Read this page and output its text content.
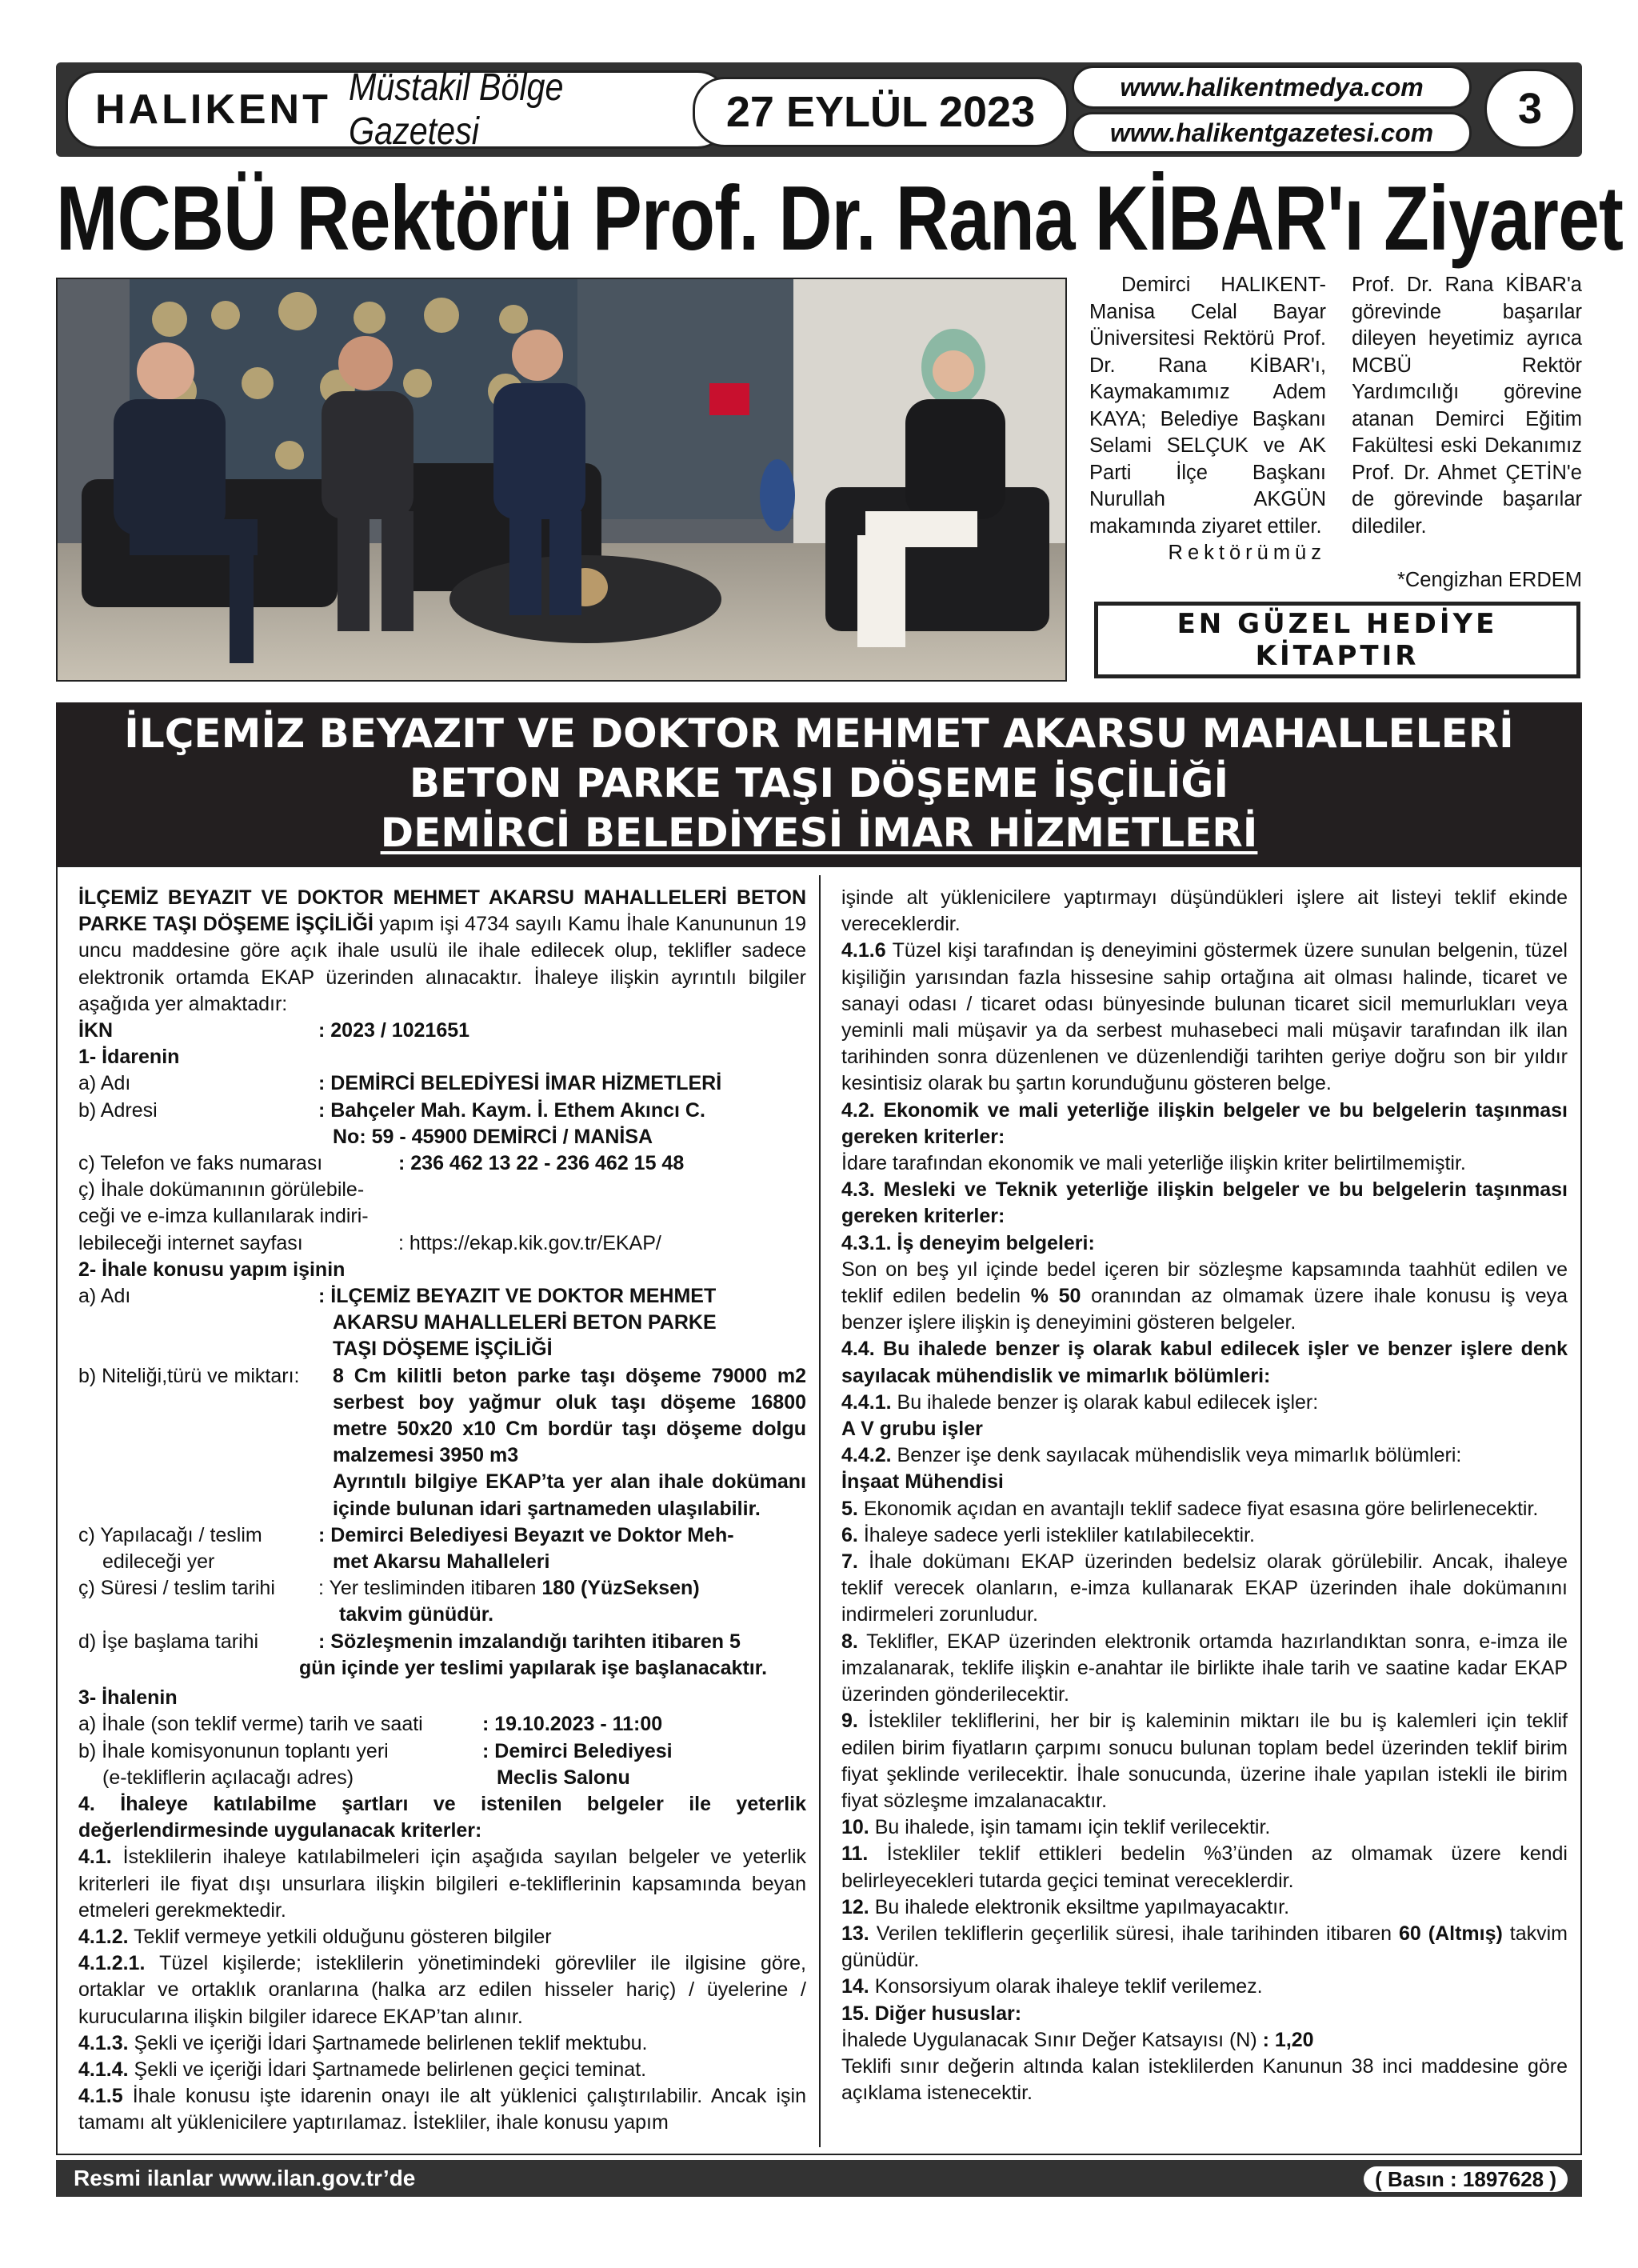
HALIKENT Müstakil Bölge Gazetesi	27 EYLÜL 2023
www.halikentmedya.com
www.halikentgazetesi.com	3
MCBÜ Rektörü Prof. Dr. Rana KİBAR'ı Ziyaret

Demirci HALIKENT- Manisa Celal Bayar Üniversitesi Rektörü Prof. Dr. Rana KİBAR'ı, Kaymakamımız Adem KAYA; Belediye Başkanı Selami SELÇUK ve AK Parti İlçe Başkanı Nurullah AKGÜN makamında ziyaret ettiler.

Rektörümüz

Prof. Dr. Rana KİBAR'a görevinde başarılar dileyen heyetimiz ayrıca MCBÜ Rektör Yardımcılığı görevine atanan Demirci Eğitim Fakültesi eski Dekanımız Prof. Dr. Ahmet ÇETİN'e de görevinde başarılar dilediler.

*Cengizhan ERDEM

EN GÜZEL HEDİYE
KİTAPTIR
İLÇEMİZ BEYAZIT VE DOKTOR MEHMET AKARSU MAHALLELERİ
BETON PARKE TAŞI DÖŞEME İŞÇİLİĞİ
DEMİRCİ BELEDİYESİ İMAR HİZMETLERİ

İLÇEMİZ BEYAZIT VE DOKTOR MEHMET AKARSU MAHALLELERİ BETON PARKE TAŞI DÖŞEME İŞÇİLİĞİ yapım işi 4734 sayılı Kamu İhale Kanununun 19 uncu maddesine göre açık ihale usulü ile ihale edilecek olup, teklifler sadece elektronik ortamda EKAP üzerinden alınacaktır. İhaleye ilişkin ayrıntılı bilgiler aşağıda yer almaktadır:

İKN	: 2023 / 1021651
1- İdarenin
a) Adı	: DEMİRCİ BELEDİYESİ İMAR HİZMETLERİ
b) Adresi	: Bahçeler Mah. Kaym. İ. Ethem Akıncı C.
No: 59 - 45900 DEMİRCİ / MANİSA
c) Telefon ve faks numarası	: 236 462 13 22 - 236 462 15 48
ç) İhale dokümanının görülebile-
ceği ve e-imza kullanılarak indiri-
lebileceği internet sayfası	: https://ekap.kik.gov.tr/EKAP/
2- İhale konusu yapım işinin
a) Adı	: İLÇEMİZ BEYAZIT VE DOKTOR MEHMET
AKARSU MAHALLELERİ BETON PARKE
TAŞI DÖŞEME İŞÇİLİĞİ
b) Niteliği,türü ve miktarı:	8 Cm kilitli beton parke taşı döşeme 79000 m2 serbest boy yağmur oluk taşı döşeme 16800 metre 50x20 x10 Cm bordür taşı döşeme dolgu malzemesi 3950 m3
Ayrıntılı bilgiye EKAP’ta yer alan ihale dokümanı içinde bulunan idari şartnameden ulaşılabilir.
c) Yapılacağı / teslim	: Demirci Belediyesi Beyazıt ve Doktor Meh-
edileceği yer	met Akarsu Mahalleleri
ç) Süresi / teslim tarihi	: Yer tesliminden itibaren 180 (YüzSeksen)
takvim günüdür.
d) İşe başlama tarihi	: Sözleşmenin imzalandığı tarihten itibaren 5
gün içinde yer teslimi yapılarak işe başlanacaktır.
3- İhalenin
a) İhale (son teklif verme) tarih ve saati	: 19.10.2023 - 11:00
b) İhale komisyonunun toplantı yeri	: Demirci Belediyesi
(e-tekliflerin açılacağı adres)	Meclis Salonu

4. İhaleye katılabilme şartları ve istenilen belgeler ile yeterlik değerlendirmesinde uygulanacak kriterler:

4.1. İsteklilerin ihaleye katılabilmeleri için aşağıda sayılan belgeler ve yeterlik kriterleri ile fiyat dışı unsurlara ilişkin bilgileri e-tekliflerinin kapsamında beyan etmeleri gerekmektedir.

4.1.2. Teklif vermeye yetkili olduğunu gösteren bilgiler

4.1.2.1. Tüzel kişilerde; isteklilerin yönetimindeki görevliler ile ilgisine göre, ortaklar ve ortaklık oranlarına (halka arz edilen hisseler hariç) / üyelerine / kurucularına ilişkin bilgiler idarece EKAP’tan alınır.

4.1.3. Şekli ve içeriği İdari Şartnamede belirlenen teklif mektubu.

4.1.4. Şekli ve içeriği İdari Şartnamede belirlenen geçici teminat.

4.1.5 İhale konusu işte idarenin onayı ile alt yüklenici çalıştırılabilir. Ancak işin tamamı alt yüklenicilere yaptırılamaz. İstekliler, ihale konusu yapım

işinde alt yüklenicilere yaptırmayı düşündükleri işlere ait listeyi teklif ekinde vereceklerdir.

4.1.6 Tüzel kişi tarafından iş deneyimini göstermek üzere sunulan belgenin, tüzel kişiliğin yarısından fazla hissesine sahip ortağına ait olması halinde, ticaret ve sanayi odası / ticaret odası bünyesinde bulunan ticaret sicil memurlukları veya yeminli mali müşavir ya da serbest muhasebeci mali müşavir tarafından ilk ilan tarihinden sonra düzenlenen ve düzenlendiği tarihten geriye doğru son bir yıldır kesintisiz olarak bu şartın korunduğunu gösteren belge.

4.2. Ekonomik ve mali yeterliğe ilişkin belgeler ve bu belgelerin taşınması gereken kriterler:

İdare tarafından ekonomik ve mali yeterliğe ilişkin kriter belirtilmemiştir.

4.3. Mesleki ve Teknik yeterliğe ilişkin belgeler ve bu belgelerin taşınması gereken kriterler:

4.3.1. İş deneyim belgeleri:

Son on beş yıl içinde bedel içeren bir sözleşme kapsamında taahhüt edilen ve teklif edilen bedelin % 50 oranından az olmamak üzere ihale konusu iş veya benzer işlere ilişkin iş deneyimini gösteren belgeler.

4.4. Bu ihalede benzer iş olarak kabul edilecek işler ve benzer işlere denk sayılacak mühendislik ve mimarlık bölümleri:

4.4.1. Bu ihalede benzer iş olarak kabul edilecek işler:

A V grubu işler

4.4.2. Benzer işe denk sayılacak mühendislik veya mimarlık bölümleri:

İnşaat Mühendisi

5. Ekonomik açıdan en avantajlı teklif sadece fiyat esasına göre belirlenecektir.

6. İhaleye sadece yerli istekliler katılabilecektir.

7. İhale dokümanı EKAP üzerinden bedelsiz olarak görülebilir. Ancak, ihaleye teklif verecek olanların, e-imza kullanarak EKAP üzerinden ihale dokümanını indirmeleri zorunludur.

8. Teklifler, EKAP üzerinden elektronik ortamda hazırlandıktan sonra, e-imza ile imzalanarak, teklife ilişkin e-anahtar ile birlikte ihale tarih ve saatine kadar EKAP üzerinden gönderilecektir.

9. İstekliler tekliflerini, her bir iş kaleminin miktarı ile bu iş kalemleri için teklif edilen birim fiyatların çarpımı sonucu bulunan toplam bedel üzerinden teklif birim fiyat şeklinde verilecektir. İhale sonucunda, üzerine ihale yapılan istekli ile birim fiyat sözleşme imzalanacaktır.

10. Bu ihalede, işin tamamı için teklif verilecektir.

11. İstekliler teklif ettikleri bedelin %3’ünden az olmamak üzere kendi belirleyecekleri tutarda geçici teminat vereceklerdir.

12. Bu ihalede elektronik eksiltme yapılmayacaktır.

13. Verilen tekliflerin geçerlilik süresi, ihale tarihinden itibaren 60 (Altmış) takvim günüdür.

14. Konsorsiyum olarak ihaleye teklif verilemez.

15. Diğer hususlar:

İhalede Uygulanacak Sınır Değer Katsayısı (N) : 1,20

Teklifi sınır değerin altında kalan isteklilerden Kanunun 38 inci maddesine göre açıklama istenecektir.

Resmi ilanlar www.ilan.gov.tr’de	( Basın : 1897628 )
